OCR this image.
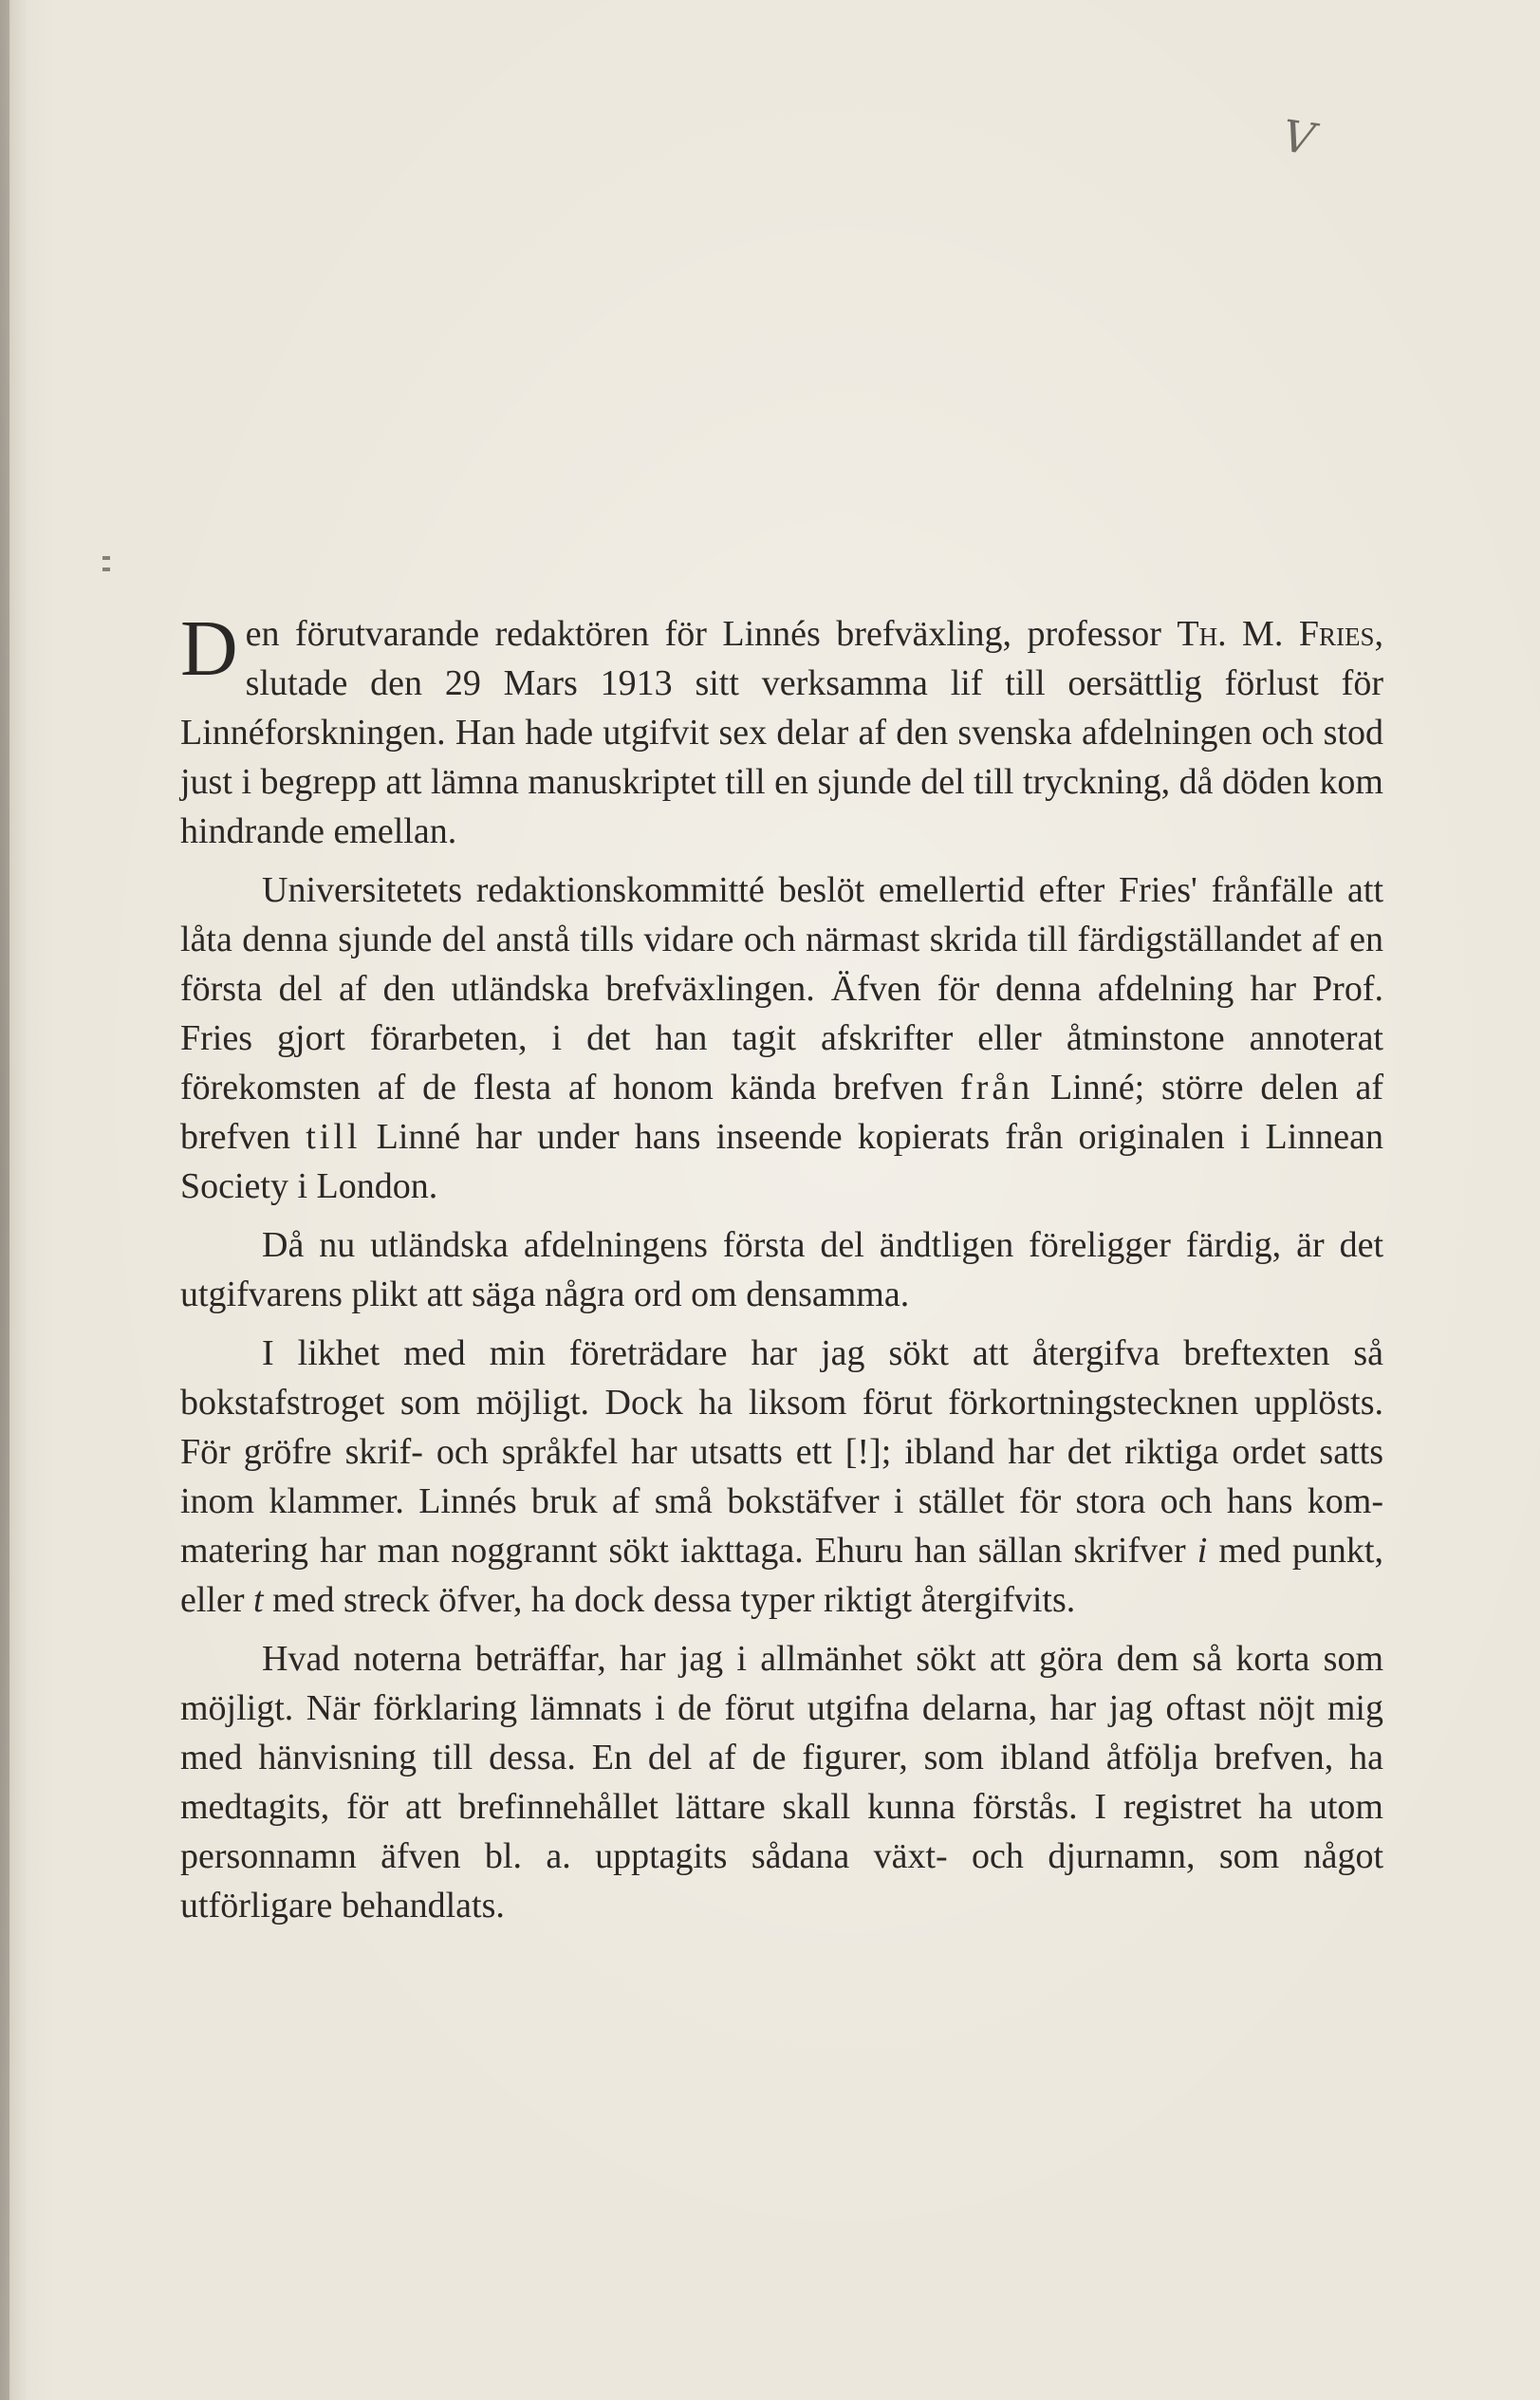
V

Den förutvarande redaktören för Linnés brefväxling, professor Th. M. Fries, slutade den 29 Mars 1913 sitt verksamma lif till oersättlig förlust för Linnéforskningen. Han hade utgifvit sex delar af den svenska afdelningen och stod just i begrepp att lämna manuskriptet till en sjunde del till tryckning, då döden kom hindrande emellan.

Universitetets redaktionskommitté beslöt emellertid efter Fries' frånfälle att låta denna sjunde del anstå tills vidare och närmast skrida till färdigställandet af en första del af den utländska brefväxlingen. Äfven för denna afdelning har Prof. Fries gjort förarbeten, i det han tagit afskrifter eller åtminstone annoterat förekomsten af de flesta af honom kända brefven från Linné; större delen af brefven till Linné har under hans inseende kopierats från originalen i Linnean Society i London.

Då nu utländska afdelningens första del ändtligen föreligger färdig, är det utgifvarens plikt att säga några ord om densamma.

I likhet med min företrädare har jag sökt att återgifva breftexten så bokstafstroget som möjligt. Dock ha liksom förut förkortningstecknen upplösts. För gröfre skrif- och språkfel har utsatts ett [!]; ibland har det riktiga ordet satts inom klammer. Linnés bruk af små bokstäfver i stället för stora och hans kommatering har man noggrannt sökt iakttaga. Ehuru han sällan skrifver i med punkt, eller t med streck öfver, ha dock dessa typer riktigt återgifvits.

Hvad noterna beträffar, har jag i allmänhet sökt att göra dem så korta som möjligt. När förklaring lämnats i de förut utgifna delarna, har jag oftast nöjt mig med hänvisning till dessa. En del af de figurer, som ibland åtfölja brefven, ha medtagits, för att brefinnehållet lättare skall kunna förstås. I registret ha utom personnamn äfven bl. a. upptagits sådana växt- och djurnamn, som något utförligare behandlats.
